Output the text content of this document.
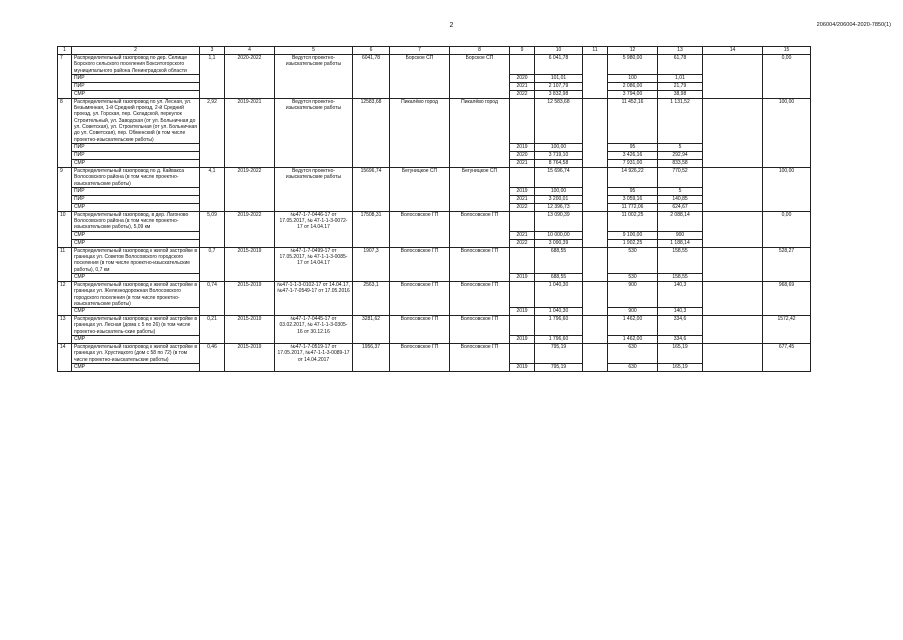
2	206004/206004-2020-7850(1)
1	2	3	4	5	6	7	8	9	10	11	12	13	14	15
7	Распределительный газопровод по дер. Селище Борского сельского поселения Бокситогорского муниципального района Ленинградской области	1,1	2020-2022	Ведутся проектно-изыскательские работы	6041,78	Борское СП	Борское СП		6 041,78		5 980,00	61,78		0,00
	ПИР							2020	101,01		100	1,01		
	ПИР							2021	2 107,79		2 086,00	21,79		
	СМР							2022	3 832,98		3 794,00	38,98		
8	Распределительный газопровод по ул. Лесная, ул. Безымянная, 1-й Средний проезд, 2-й Средний проезд, ул. Горская, пер. Складской, переулок Строительный, ул. Заводская (от ул. Больничная до ул. Советская), ул. Строительная (от ул. Больничная до ул. Советская), пер. Обменский (в том числе проектно-изыскательские работы)	2,92	2019-2021	Ведутся проектно-изыскательские работы	12583,68	Пикалёво город	Пикалёво город		12 583,68		11 452,16	1 131,52		100,00
	ПИР							2019	100,00		95	5		
	ПИР							2020	3 719,10		3 426,16	292,94		
	СМР							2021	8 764,58		7 931,00	833,58		
9	Распределительный газопровод по д. Кайвакса Волосовского района (в том числе проектно-изыскательские работы)	4,1	2019-2022	Ведутся проектно-изыскательские работы	15696,74	Бегуницкое СП	Бегуницкое СП		15 696,74		14 926,22	770,52		100,00
	ПИР							2019	100,00		95	5		
	ПИР							2021	3 200,01		3 059,16	140,85		
	СМР							2022	12 396,73		11 772,06	624,67		
10	Распределительный газопровод, в дер. Лагоново Волосовского района (в том числе проектно-изыскательские работы), 5,09 км	5,09	2019-2022	№47-1-7-0446-17 от 17.05.2017, № 47-1-1-3-0072-17 от 14.04.17	17508,31	Волосовское ГП	Волосовское ГП		13 090,39		11 002,25	2 088,14		0,00
	СМР							2021	10 000,00		9 100,00	900		
	СМР							2022	3 090,39		1 902,25	1 188,14		
11	Распределительный газопровод к жилой застройке в границах ул. Советов Волосовского городского поселения (в том числе проектно-изыскательские работы), 0,7 км	0,7	2015-2019	№47-1-7-0499-17 от 17.05.2017, № 47-1-1-3-0085-17 от 14.04.17	1907,3	Волосовское ГП	Волосовское ГП		688,55		530	158,55		528,27
	СМР							2019	688,55		530	158,55		
12	Распределительный газопровод к жилой застройке в границах ул. Железнодорожная Волосовского городского поселения (в том числе проектно-изыскательские работы)	0,74	2015-2019	№47-1-1-3-0102-17 от 14.04.17, №47-1-7-0549-17 от 17.05.2016	2563,1	Волосовское ГП	Волосовское ГП		1 040,30		900	140,3		968,69
	СМР							2019	1 040,30		900	140,3		
13	Распределительный газопровод к жилой застройке в границах ул. Лесная (дома с 5 по 26) (в том числе проектно-изыскатель-ские работы)	0,21	2015-2019	№47-1-7-0445-17 от 03.02.2017, № 47-1-1-3-0305-16 от 30.12.16	3281,62	Волосовское ГП	Волосовское ГП		1 796,60		1 462,00	334,6		1572,42
	СМР							2019	1 796,60		1 462,00	334,6		
14	Распределительный газопровод к жилой застройке в границах ул. Хрустицкого (дом с 58 по 72) (в том числе проектно-изыскательские работы)	0,46	2015-2019	№47-1-7-0519-17 от 17.05.2017, №47-1-1-3-0089-17 от 14.04.2017	1956,37	Волосовское ГП	Волосовское ГП		795,19		630	165,19		677,45
	СМР							2019	795,19		630	165,19		
